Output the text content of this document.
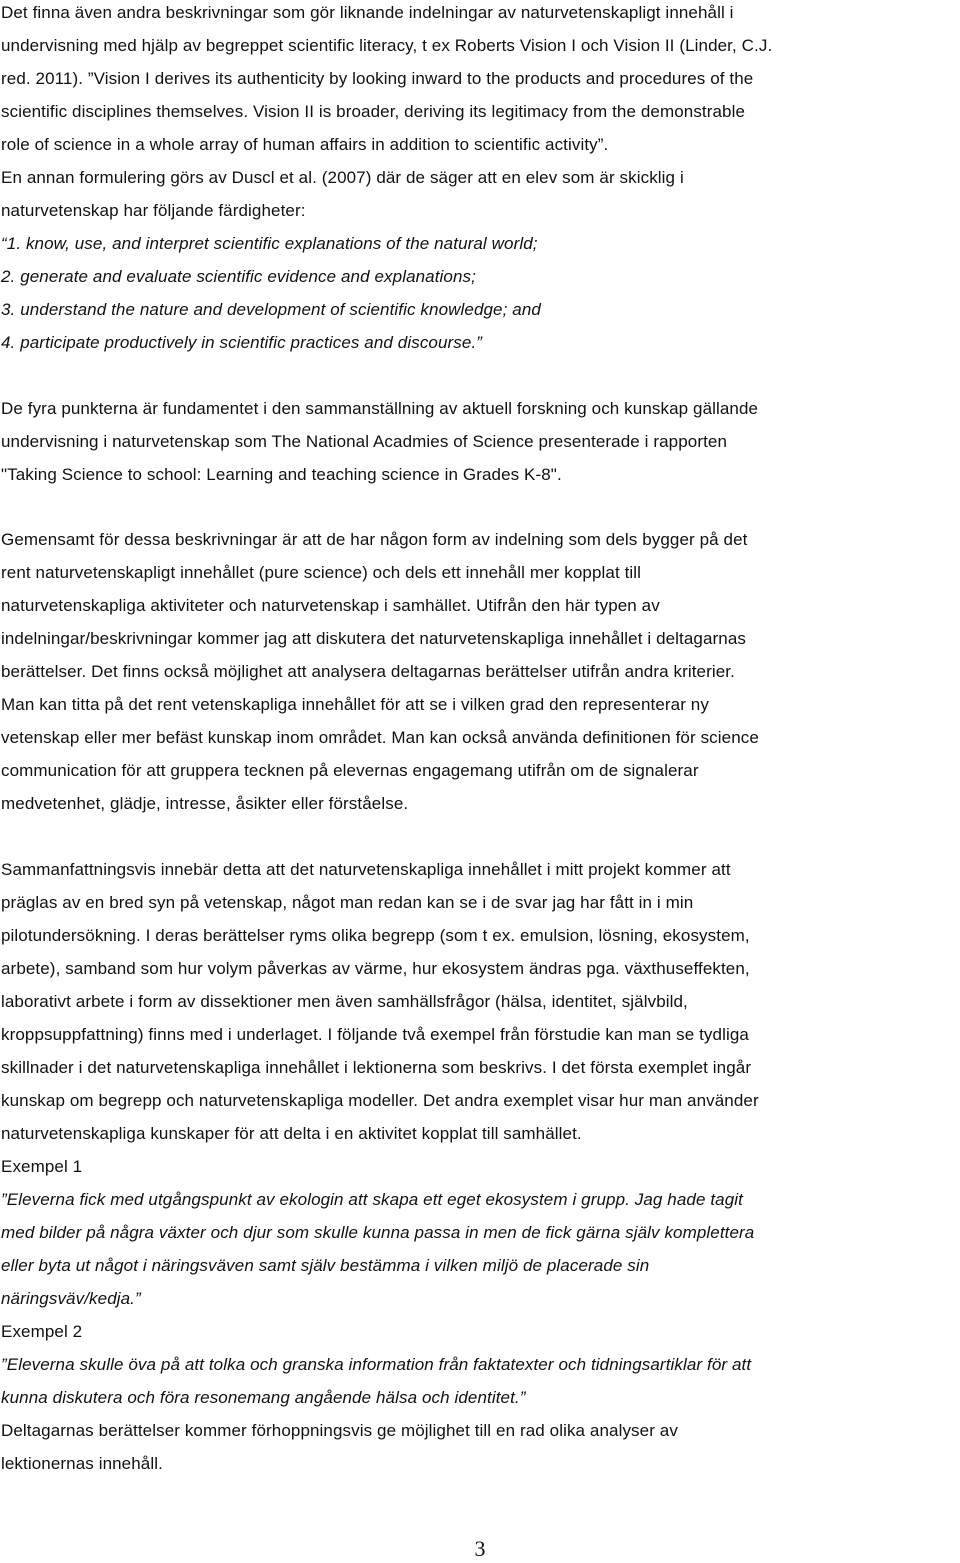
Det finna även andra beskrivningar som gör liknande indelningar av naturvetenskapligt innehåll i

undervisning med hjälp av begreppet scientific literacy, t ex Roberts Vision I och Vision II (Linder, C.J.

red. 2011). ”Vision I derives its authenticity by looking inward to the products and procedures of the

scientific disciplines themselves. Vision II is broader, deriving its legitimacy from the demonstrable

role of science in a whole array of human affairs in addition to scientific activity”.

En annan formulering görs av Duscl et al. (2007) där de säger att en elev som är skicklig i

naturvetenskap har följande färdigheter:

“1. know, use, and interpret scientific explanations of the natural world;

2. generate and evaluate scientific evidence and explanations;

3. understand the nature and development of scientific knowledge; and

4. participate productively in scientific practices and discourse.”

De fyra punkterna är fundamentet i den sammanställning av aktuell forskning och kunskap gällande

undervisning i naturvetenskap som The National Acadmies of Science presenterade i rapporten

"Taking Science to school: Learning and teaching science in Grades K-8".

Gemensamt för dessa beskrivningar är att de har någon form av indelning som dels bygger på det

rent naturvetenskapligt innehållet (pure science) och dels ett innehåll mer kopplat till

naturvetenskapliga aktiviteter och naturvetenskap i samhället. Utifrån den här typen av

indelningar/beskrivningar kommer jag att diskutera det naturvetenskapliga innehållet i deltagarnas

berättelser. Det finns också möjlighet att analysera deltagarnas berättelser utifrån andra kriterier.

Man kan titta på det rent vetenskapliga innehållet för att se i vilken grad den representerar ny

vetenskap eller mer befäst kunskap inom området. Man kan också använda definitionen för science

communication för att gruppera tecknen på elevernas engagemang utifrån om de signalerar

medvetenhet, glädje, intresse, åsikter eller förståelse.

Sammanfattningsvis innebär detta att det naturvetenskapliga innehållet i mitt projekt kommer att

präglas av en bred syn på vetenskap, något man redan kan se i de svar jag har fått in i min

pilotundersökning. I deras berättelser ryms olika begrepp (som t ex. emulsion, lösning, ekosystem,

arbete), samband som hur volym påverkas av värme, hur ekosystem ändras pga. växthuseffekten,

laborativt arbete i form av dissektioner men även samhällsfrågor (hälsa, identitet, självbild,

kroppsuppfattning) finns med i underlaget. I följande två exempel från förstudie kan man se tydliga

skillnader i det naturvetenskapliga innehållet i lektionerna som beskrivs. I det första exemplet ingår

kunskap om begrepp och naturvetenskapliga modeller. Det andra exemplet visar hur man använder

naturvetenskapliga kunskaper för att delta i en aktivitet kopplat till samhället.

Exempel 1

”Eleverna fick med utgångspunkt av ekologin att skapa ett eget ekosystem i grupp. Jag hade tagit

med bilder på några växter och djur som skulle kunna passa in men de fick gärna själv komplettera

eller byta ut något i näringsväven samt själv bestämma i vilken miljö de placerade sin

näringsväv/kedja.”

Exempel 2

”Eleverna skulle öva på att tolka och granska information från faktatexter och tidningsartiklar för att

kunna diskutera och föra resonemang angående hälsa och identitet.”

Deltagarnas berättelser kommer förhoppningsvis ge möjlighet till en rad olika analyser av

lektionernas innehåll.

3
